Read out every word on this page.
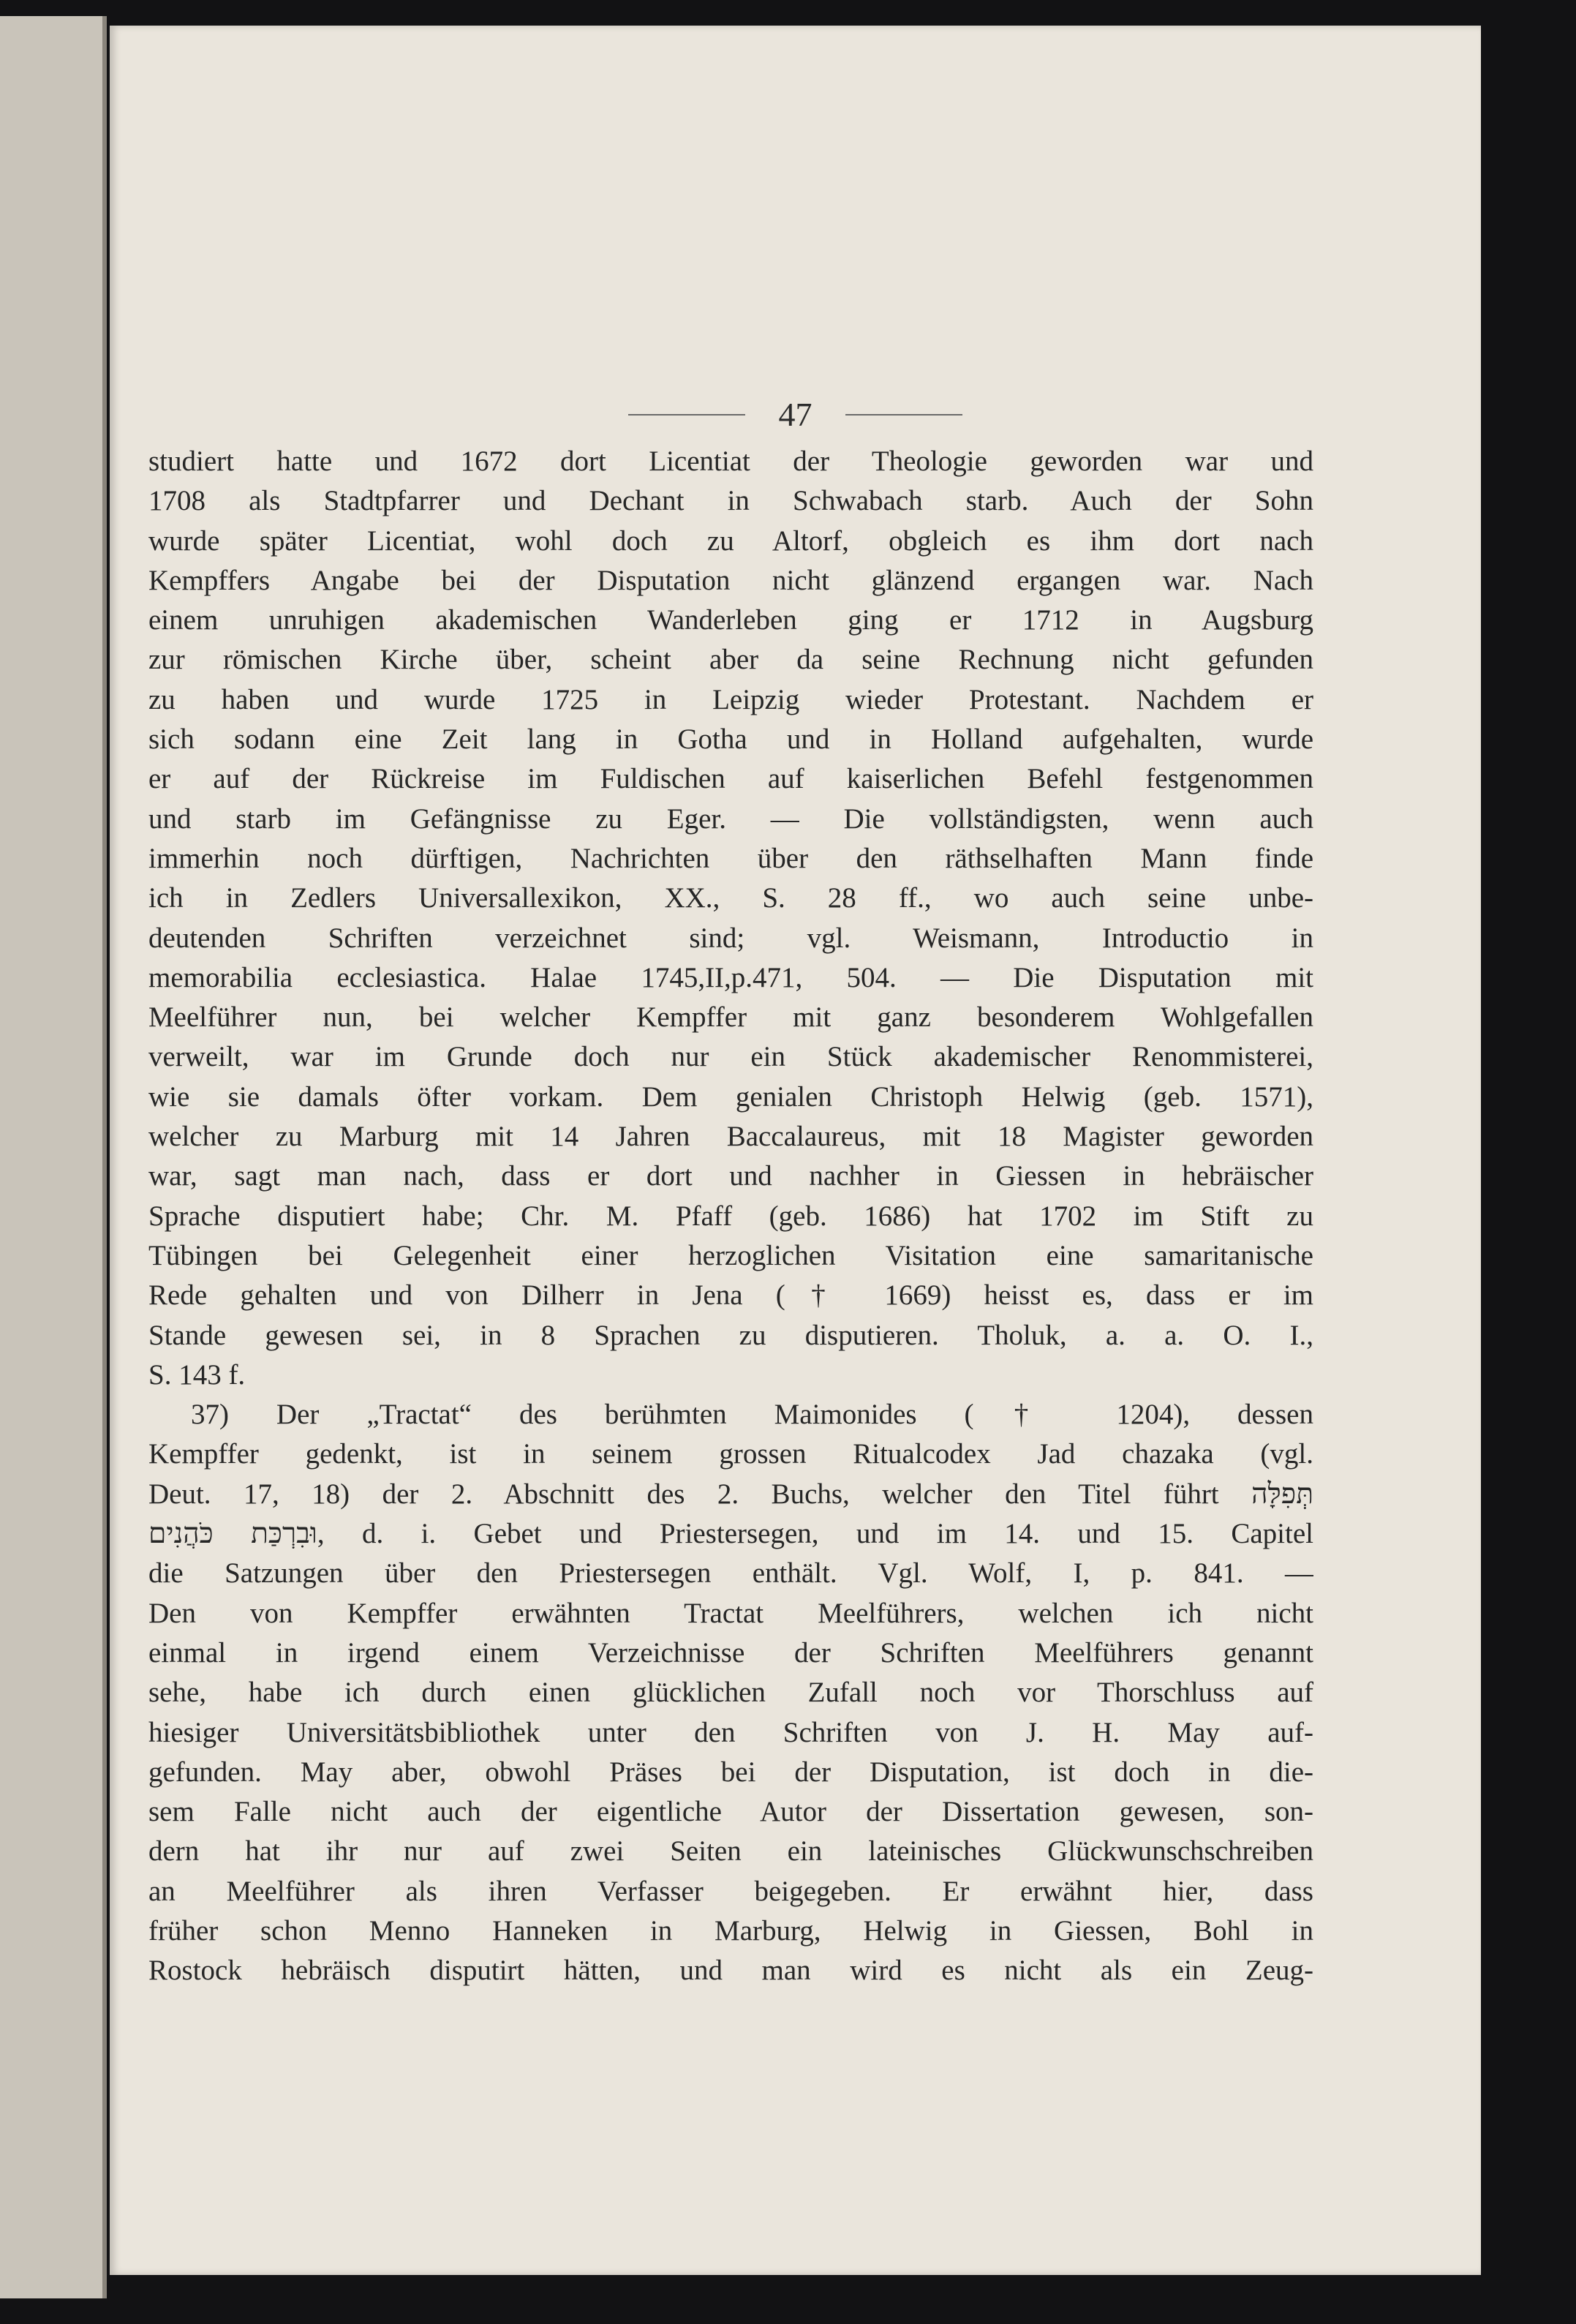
47
studiert hatte und 1672 dort Licentiat der Theologie geworden war und
1708 als Stadtpfarrer und Dechant in Schwabach starb. Auch der Sohn
wurde später Licentiat, wohl doch zu Altorf, obgleich es ihm dort nach
Kempffers Angabe bei der Disputation nicht glänzend ergangen war. Nach
einem unruhigen akademischen Wanderleben ging er 1712 in Augsburg
zur römischen Kirche über, scheint aber da seine Rechnung nicht gefunden
zu haben und wurde 1725 in Leipzig wieder Protestant. Nachdem er
sich sodann eine Zeit lang in Gotha und in Holland aufgehalten, wurde
er auf der Rückreise im Fuldischen auf kaiserlichen Befehl festgenommen
und starb im Gefängnisse zu Eger. — Die vollständigsten, wenn auch
immerhin noch dürftigen, Nachrichten über den räthselhaften Mann finde
ich in Zedlers Universallexikon, XX., S. 28 ff., wo auch seine unbe-
deutenden Schriften verzeichnet sind; vgl. Weismann, Introductio in
memorabilia ecclesiastica. Halae 1745,II,p.471, 504. — Die Disputation mit
Meelführer nun, bei welcher Kempffer mit ganz besonderem Wohlgefallen
verweilt, war im Grunde doch nur ein Stück akademischer Renommisterei,
wie sie damals öfter vorkam. Dem genialen Christoph Helwig (geb. 1571),
welcher zu Marburg mit 14 Jahren Baccalaureus, mit 18 Magister geworden
war, sagt man nach, dass er dort und nachher in Giessen in hebräischer
Sprache disputiert habe; Chr. M. Pfaff (geb. 1686) hat 1702 im Stift zu
Tübingen bei Gelegenheit einer herzoglichen Visitation eine samaritanische
Rede gehalten und von Dilherr in Jena († 1669) heisst es, dass er im
Stande gewesen sei, in 8 Sprachen zu disputieren. Tholuk, a. a. O. I.,
S. 143 f.
37) Der „Tractat“ des berühmten Maimonides († 1204), dessen
Kempffer gedenkt, ist in seinem grossen Ritualcodex Jad chazaka (vgl.
Deut. 17, 18) der 2. Abschnitt des 2. Buchs, welcher den Titel führt תְּפִלָּה
וּבִרְכַּת כֹּהֲנִים, d. i. Gebet und Priestersegen, und im 14. und 15. Capitel
die Satzungen über den Priestersegen enthält. Vgl. Wolf, I, p. 841. —
Den von Kempffer erwähnten Tractat Meelführers, welchen ich nicht
einmal in irgend einem Verzeichnisse der Schriften Meelführers genannt
sehe, habe ich durch einen glücklichen Zufall noch vor Thorschluss auf
hiesiger Universitätsbibliothek unter den Schriften von J. H. May auf-
gefunden. May aber, obwohl Präses bei der Disputation, ist doch in die-
sem Falle nicht auch der eigentliche Autor der Dissertation gewesen, son-
dern hat ihr nur auf zwei Seiten ein lateinisches Glückwunschschreiben
an Meelführer als ihren Verfasser beigegeben. Er erwähnt hier, dass
früher schon Menno Hanneken in Marburg, Helwig in Giessen, Bohl in
Rostock hebräisch disputirt hätten, und man wird es nicht als ein Zeug-
